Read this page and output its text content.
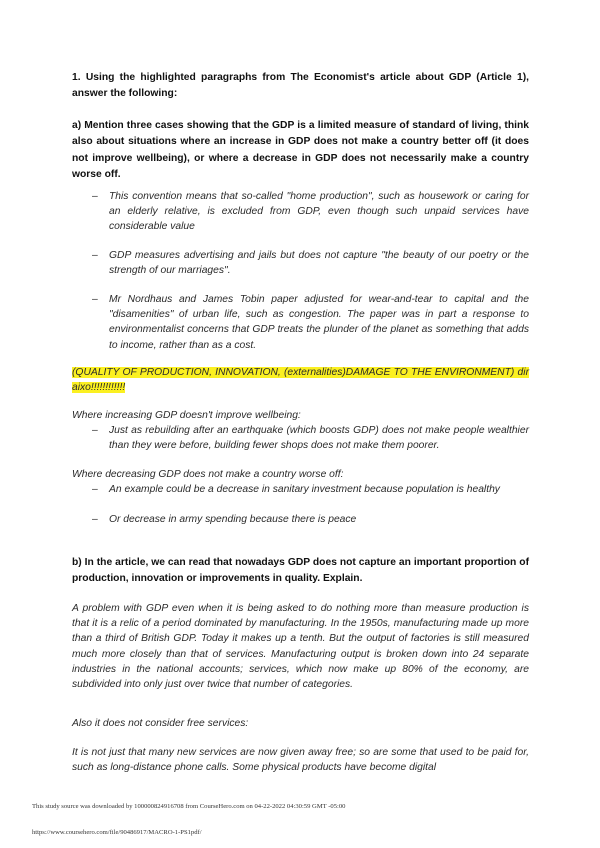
1. Using the highlighted paragraphs from The Economist's article about GDP (Article 1), answer the following:

a) Mention three cases showing that the GDP is a limited measure of standard of living, think also about situations where an increase in GDP does not make a country better off (it does not improve wellbeing), or where a decrease in GDP does not necessarily make a country worse off.

–	This convention means that so-called "home production", such as housework or caring for an elderly relative, is excluded from GDP, even though such unpaid services have considerable value

–	GDP measures advertising and jails but does not capture "the beauty of our poetry or the strength of our marriages".

–	Mr Nordhaus and James Tobin paper adjusted for wear-and-tear to capital and the "disamenities" of urban life, such as congestion. The paper was in part a response to environmentalist concerns that GDP treats the plunder of the planet as something that adds to income, rather than as a cost.

(QUALITY OF PRODUCTION, INNOVATION, (externalities)DAMAGE TO THE ENVIRONMENT) dir aixo!!!!!!!!!!!!

Where increasing GDP doesn't improve wellbeing:

–	Just as rebuilding after an earthquake (which boosts GDP) does not make people wealthier than they were before, building fewer shops does not make them poorer.

Where decreasing GDP does not make a country worse off:

–	An example could be a decrease in sanitary investment because population is healthy

–	Or decrease in army spending because there is peace

b) In the article, we can read that nowadays GDP does not capture an important proportion of production, innovation or improvements in quality. Explain.

A problem with GDP even when it is being asked to do nothing more than measure production is that it is a relic of a period dominated by manufacturing. In the 1950s, manufacturing made up more than a third of British GDP. Today it makes up a tenth. But the output of factories is still measured much more closely than that of services. Manufacturing output is broken down into 24 separate industries in the national accounts; services, which now make up 80% of the economy, are subdivided into only just over twice that number of categories.

Also it does not consider free services:

It is not just that many new services are now given away free; so are some that used to be paid for, such as long-distance phone calls. Some physical products have become digital

This study source was downloaded by 100000824916708 from CourseHero.com on 04-22-2022 04:30:59 GMT -05:00
https://www.coursehero.com/file/90486917/MACRO-1-PS1pdf/
